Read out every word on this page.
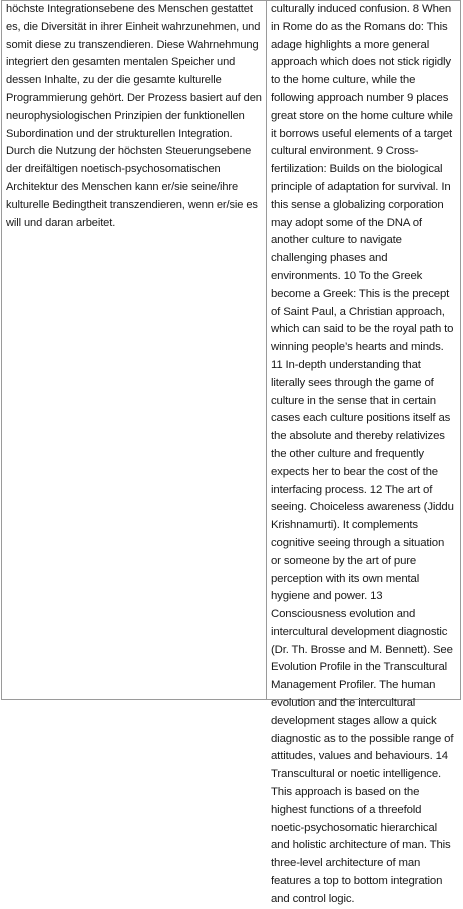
höchste Integrationsebene des Menschen gestattet es, die Diversität in ihrer Einheit wahrzunehmen, und somit diese zu transzendieren. Diese Wahrnehmung integriert den gesamten mentalen Speicher und dessen Inhalte, zu der die gesamte kulturelle Programmierung gehört. Der Prozess basiert auf den neurophysiologischen Prinzipien der funktionellen Subordination und der strukturellen Integration. Durch die Nutzung der höchsten Steuerungsebene der dreifältigen noetisch-psychosomatischen Architektur des Menschen kann er/sie seine/ihre kulturelle Bedingtheit transzendieren, wenn er/sie es will und daran arbeitet.

culturally induced confusion. 8 When in Rome do as the Romans do: This adage highlights a more general approach which does not stick rigidly to the home culture, while the following approach number 9 places great store on the home culture while it borrows useful elements of a target cultural environment. 9 Cross-fertilization: Builds on the biological principle of adaptation for survival. In this sense a globalizing corporation may adopt some of the DNA of another culture to navigate challenging phases and environments. 10 To the Greek become a Greek: This is the precept of Saint Paul, a Christian approach, which can said to be the royal path to winning people’s hearts and minds. 11 In-depth understanding that literally sees through the game of culture in the sense that in certain cases each culture positions itself as the absolute and thereby relativizes the other culture and frequently expects her to bear the cost of the interfacing process. 12 The art of seeing. Choiceless awareness (Jiddu Krishnamurti). It complements cognitive seeing through a situation or someone by the art of pure perception with its own mental hygiene and power. 13 Consciousness evolution and intercultural development diagnostic (Dr. Th. Brosse and M. Bennett). See Evolution Profile in the Transcultural Management Profiler. The human evolution and the intercultural development stages allow a quick diagnostic as to the possible range of attitudes, values and behaviours. 14 Transcultural or noetic intelligence. This approach is based on the highest functions of a threefold noetic-psychosomatic hierarchical and holistic architecture of man. This three-level architecture of man features a top to bottom integration and control logic.
